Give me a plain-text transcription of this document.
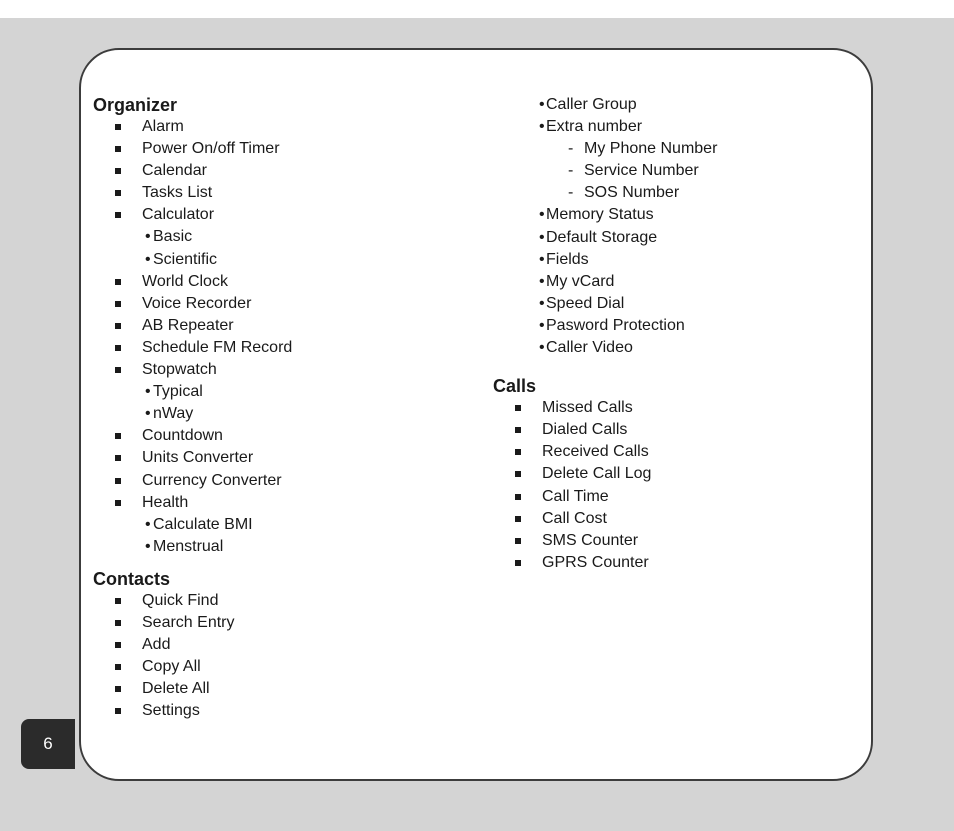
6
Organizer
Alarm
Power On/off Timer
Calendar
Tasks List
Calculator
• Basic
• Scientific
World Clock
Voice Recorder
AB Repeater
Schedule FM Record
Stopwatch
• Typical
• nWay
Countdown
Units Converter
Currency Converter
Health
• Calculate BMI
• Menstrual
Contacts
Quick Find
Search Entry
Add
Copy All
Delete All
Settings
• Caller Group
• Extra number
- My Phone Number
- Service Number
- SOS Number
• Memory Status
• Default Storage
• Fields
• My vCard
• Speed Dial
• Pasword Protection
• Caller Video
Calls
Missed Calls
Dialed Calls
Received Calls
Delete Call Log
Call Time
Call Cost
SMS Counter
GPRS Counter
